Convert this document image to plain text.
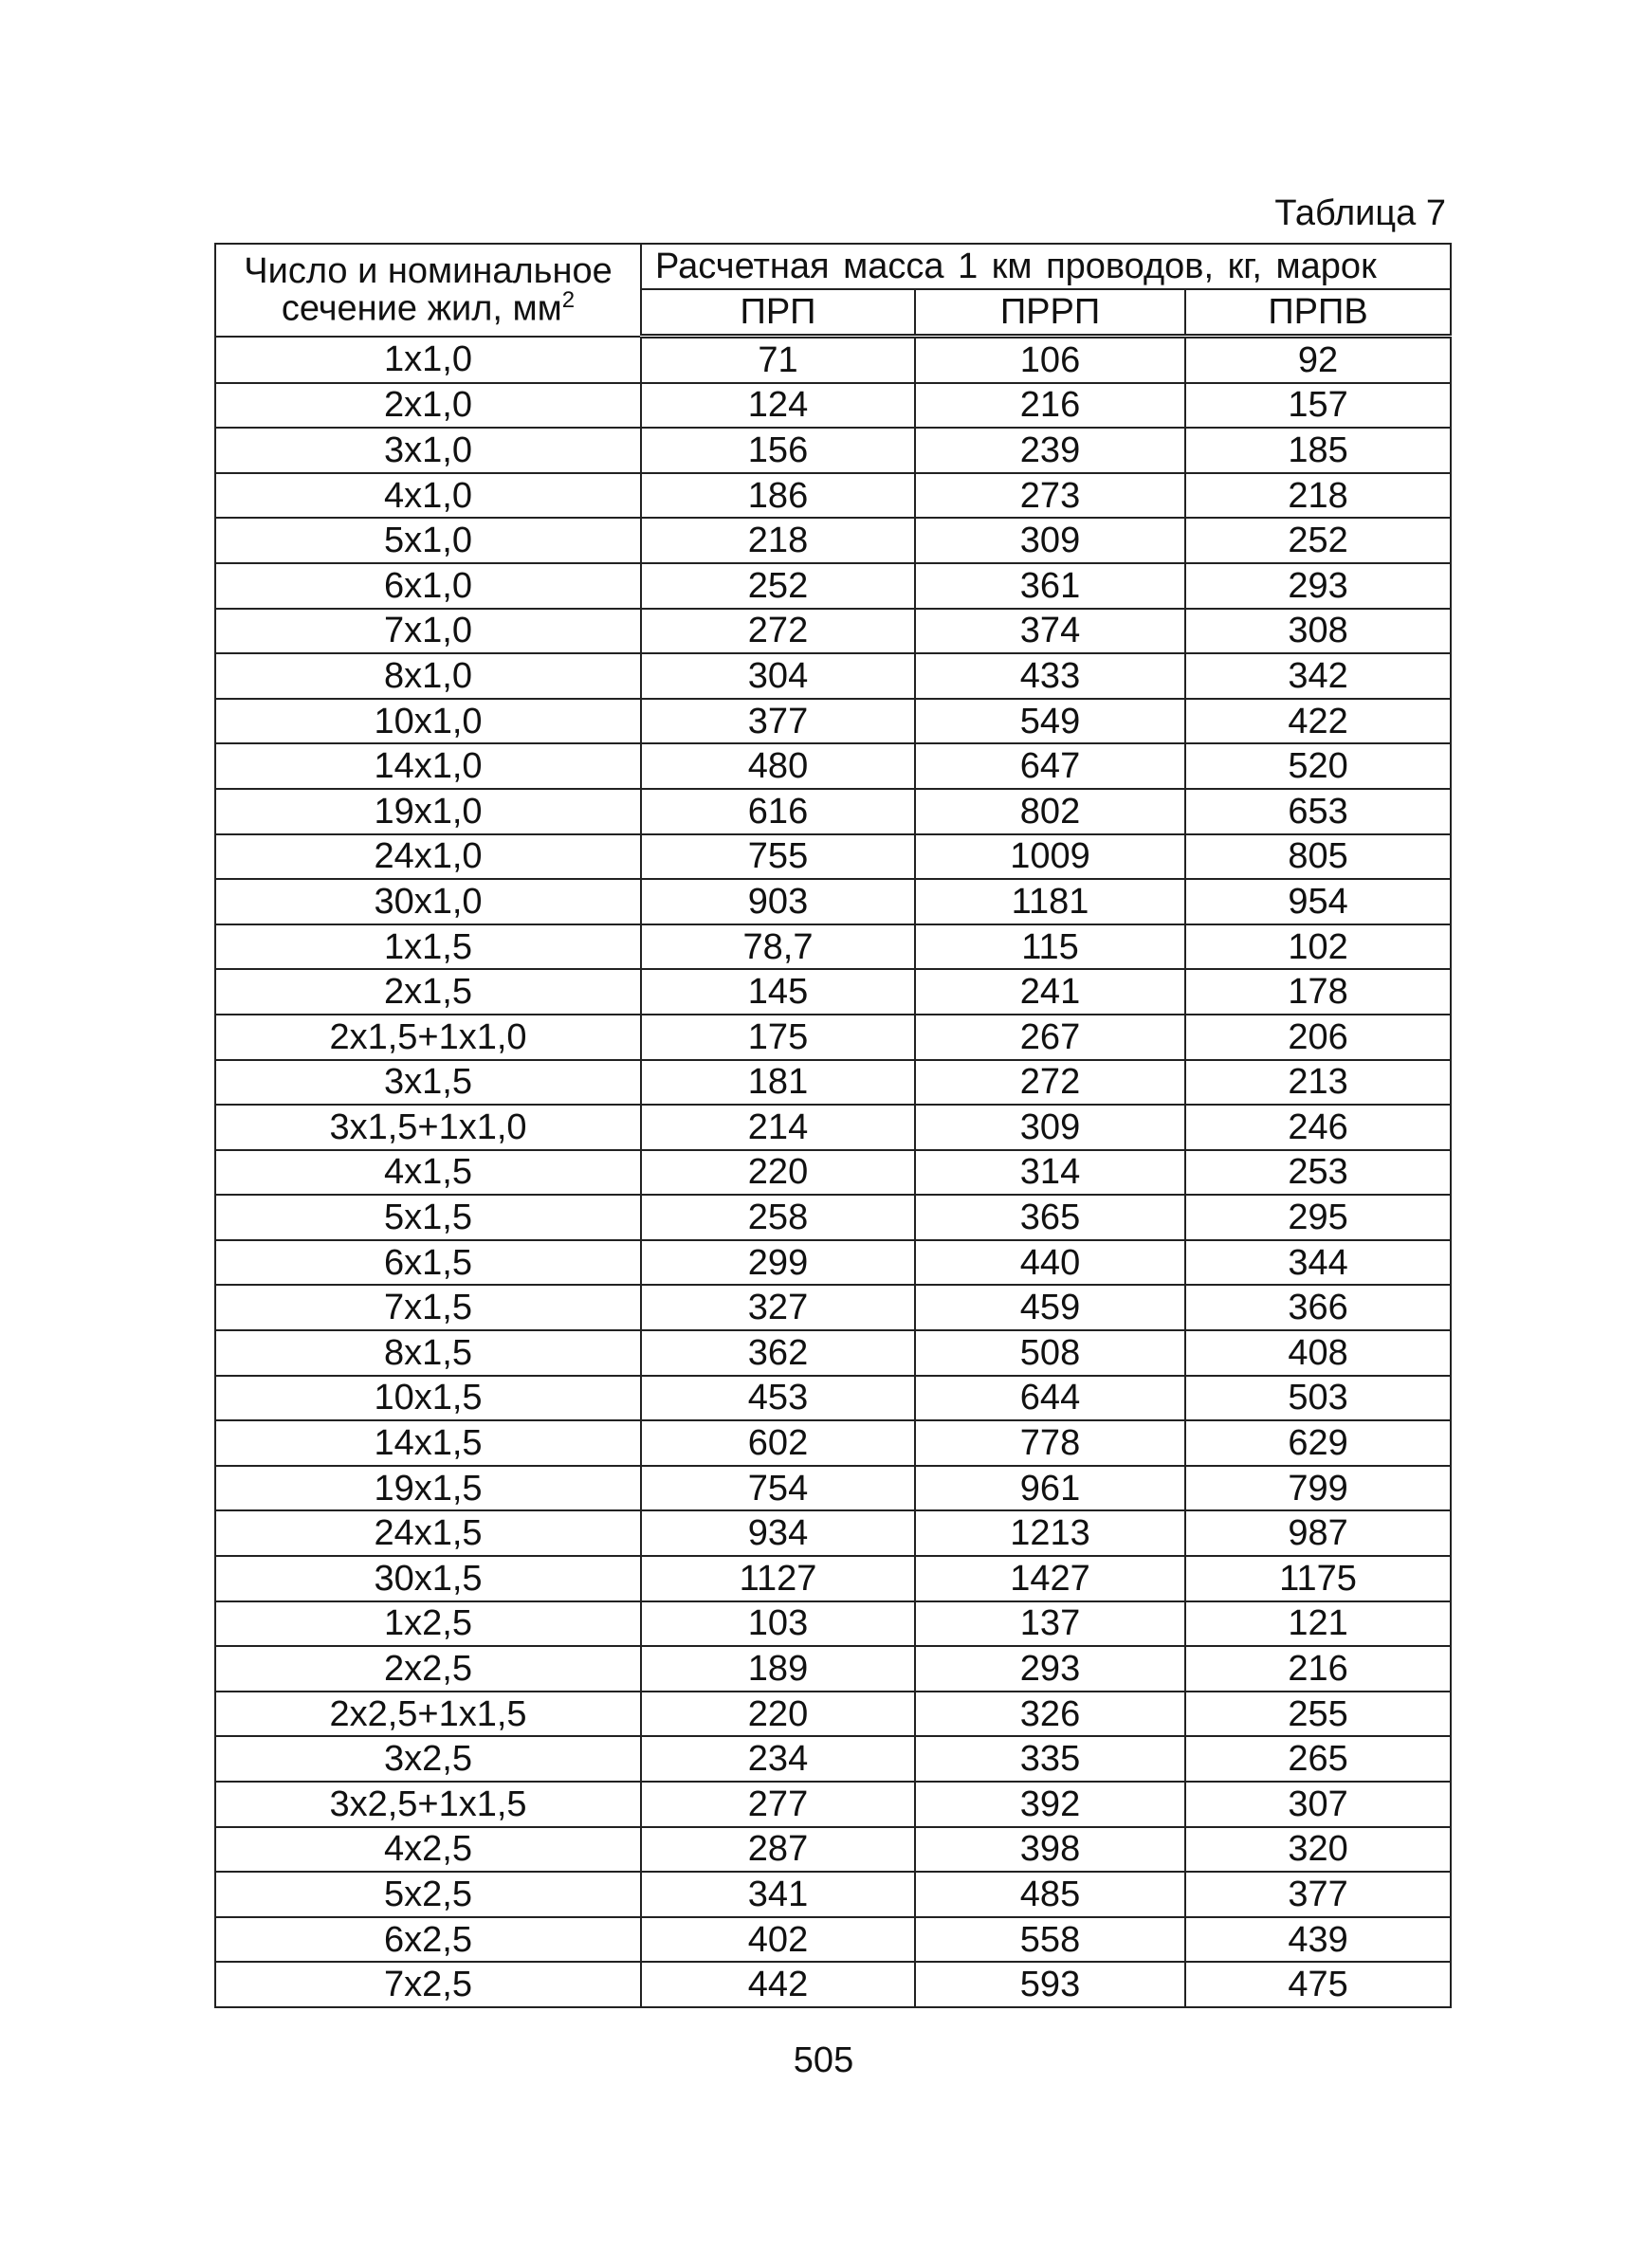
Таблица 7
Число и номинальное
сечение жил, $мм^2$	Расчетная масса 1 км проводов, кг, марок		
	ПРП	ПРРП	ПРПВ
1x1,0	71	106	92
2x1,0	124	216	157
3x1,0	156	239	185
4x1,0	186	273	218
5x1,0	218	309	252
6x1,0	252	361	293
7x1,0	272	374	308
8x1,0	304	433	342
10x1,0	377	549	422
14x1,0	480	647	520
19x1,0	616	802	653
24x1,0	755	1009	805
30x1,0	903	1181	954
1x1,5	78,7	115	102
2x1,5	145	241	178
2x1,5+1x1,0	175	267	206
3x1,5	181	272	213
3x1,5+1x1,0	214	309	246
4x1,5	220	314	253
5x1,5	258	365	295
6x1,5	299	440	344
7x1,5	327	459	366
8x1,5	362	508	408
10x1,5	453	644	503
14x1,5	602	778	629
19x1,5	754	961	799
24x1,5	934	1213	987
30x1,5	1127	1427	1175
1x2,5	103	137	121
2x2,5	189	293	216
2x2,5+1x1,5	220	326	255
3x2,5	234	335	265
3x2,5+1x1,5	277	392	307
4x2,5	287	398	320
5x2,5	341	485	377
6x2,5	402	558	439
7x2,5	442	593	475
505
